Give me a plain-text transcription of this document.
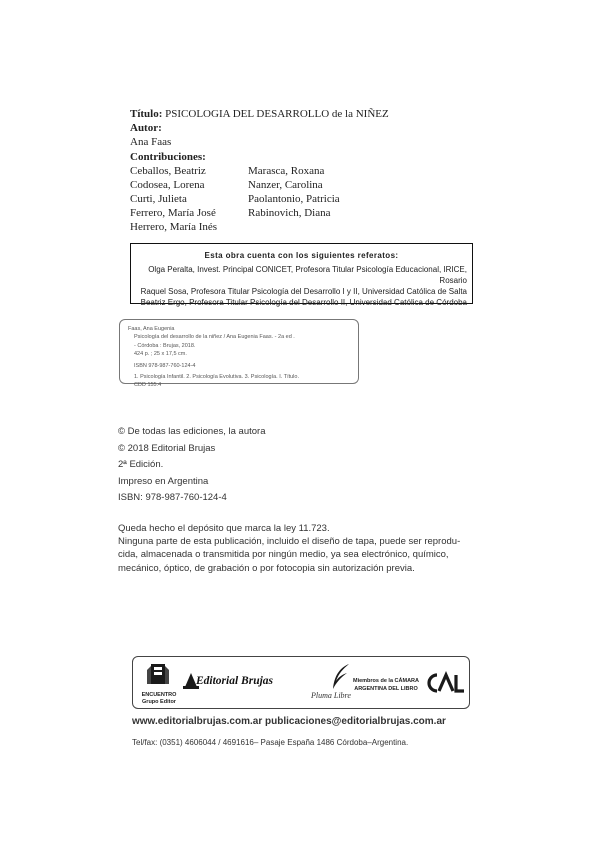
Título: PSICOLOGIA DEL DESARROLLO de la NIÑEZ
Autor:
Ana Faas
Contribuciones:
Ceballos, Beatriz
Codosea, Lorena
Curti, Julieta
Ferrero, María José
Herrero, María Inés
Marasca, Roxana
Nanzer, Carolina
Paolantonio, Patricia
Rabinovich, Diana
Esta obra cuenta con los siguientes referatos:
Olga Peralta, Invest. Principal CONICET, Profesora Titular Psicología Educacional, IRICE, Rosario
Raquel Sosa, Profesora Titular Psicología del Desarrollo I y II, Universidad Católica de Salta
Beatriz Ergo, Profesora Titular Psicología del Desarrollo II, Universidad Católica de Córdoba
Faas, Ana Eugenia
Psicología del desarrollo de la niñez / Ana Eugenia Faas. - 2a ed .
- Córdoba : Brujas, 2018.
424 p. ; 25 x 17,5 cm.
ISBN 978-987-760-124-4
1. Psicología Infantil. 2. Psicología Evolutiva. 3. Psicología. I. Título.
CDD 155.4
© De todas las ediciones, la autora
© 2018 Editorial Brujas
2ª Edición.
Impreso en Argentina
ISBN: 978-987-760-124-4
Queda hecho el depósito que marca la ley 11.723.
Ninguna parte de esta publicación, incluido el diseño de tapa, puede ser reprodu-
cida, almacenada o transmitida por ningún medio, ya sea electrónico, químico,
mecánico, óptico, de grabación o por fotocopia sin autorización previa.
ENCUENTRO
Grupo Editor
Editorial Brujas
Pluma Libre
Miembros de la CÁMARA
ARGENTINA DEL LIBRO
www.editorialbrujas.com.ar publicaciones@editorialbrujas.com.ar
Tel/fax: (0351) 4606044 / 4691616– Pasaje España 1486 Córdoba–Argentina.
